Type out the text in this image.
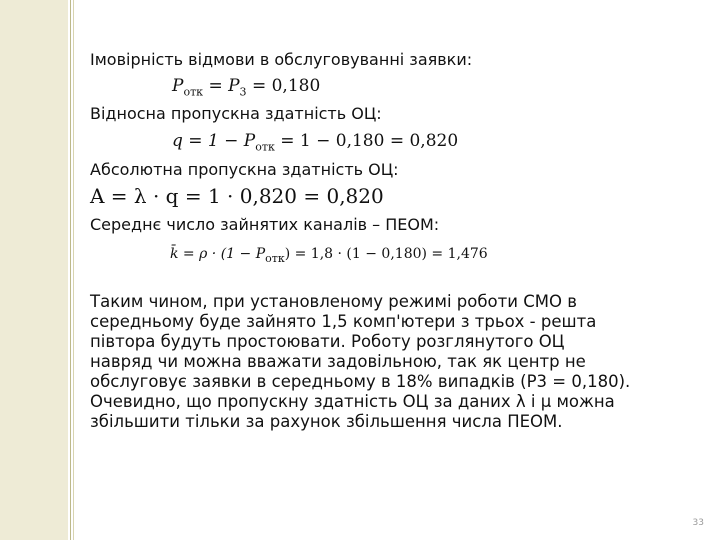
Імовірність відмови в обслуговуванні заявки:
$P_{отк} = P_3 = 0,180$
Відносна пропускна здатність ОЦ:
$q = 1 - P_{отк} = 1 - 0,180 = 0,820$
Абсолютна пропускна здатність ОЦ:
A = λ · q = 1 · 0,820 = 0,820
Середнє число зайнятих каналів – ПЕОМ:
k̄ = $\rho \cdot (1 - P_{отк}) = 1,8 \cdot (1 - 0,180) = 1,476$
Таким чином, при установленому режимі роботи СМО в
середньому буде зайнято 1,5 комп'ютери з трьох - решта
півтора будуть простоювати. Роботу розглянутого ОЦ
навряд чи можна вважати задовільною, так як центр не
обслуговує заявки в середньому в 18% випадків (Р3 = 0,180).
Очевидно, що пропускну здатність ОЦ за даних λ і μ можна
збільшити тільки за рахунок збільшення числа ПЕОМ.
33
